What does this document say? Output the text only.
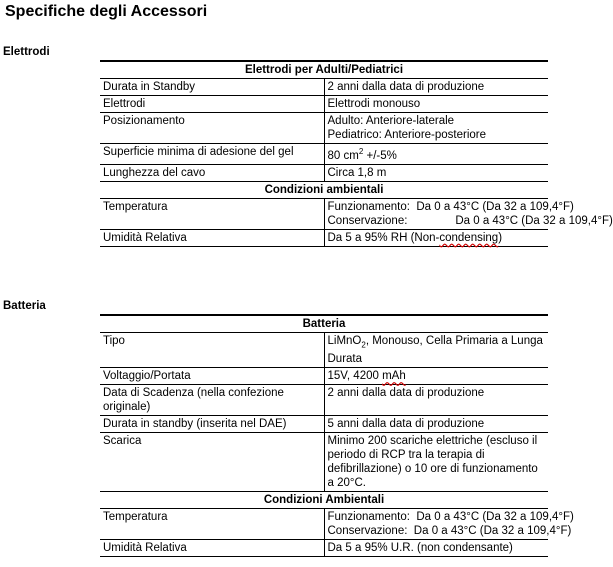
Specifiche degli Accessori
Elettrodi
Elettrodi per Adulti/Pediatrici	
Durata in Standby	2 anni dalla data di produzione
Elettrodi	Elettrodi monouso
Posizionamento	Adulto: Anteriore-laterale
Pediatrico: Anteriore-posteriore

Superficie minima di adesione del gel	80 $cm^2 +/-5\%$
Lunghezza del cavo	Circa 1,8 m
Condizioni ambientali	
Temperatura	Funzionamento:  Da 0 a 43°C (Da 32 a 109,4°F)
Conservazione:               Da 0 a 43°C (Da 32 a 109,4°F)

Umidità Relativa	Da 5 a 95% RH (Non-condensing)
Batteria
Batteria	
Tipo	LiMnO$_2$, Monouso, Cella Primaria a Lunga Durata
Voltaggio/Portata	15V, 4200 mAh
Data di Scadenza (nella confezione originale)	2 anni dalla data di produzione
Durata in standby (inserita nel DAE)	5 anni dalla data di produzione
Scarica	Minimo 200 scariche elettriche (escluso il periodo di RCP tra la terapia di defibrillazione) o 10 ore di funzionamento a 20°C.
Condizioni Ambientali	
Temperatura	Funzionamento:  Da 0 a 43°C (Da 32 a 109,4°F)
Conservazione:  Da 0 a 43°C (Da 32 a 109,4°F)

Umidità Relativa	Da 5 a 95% U.R. (non condensante)
